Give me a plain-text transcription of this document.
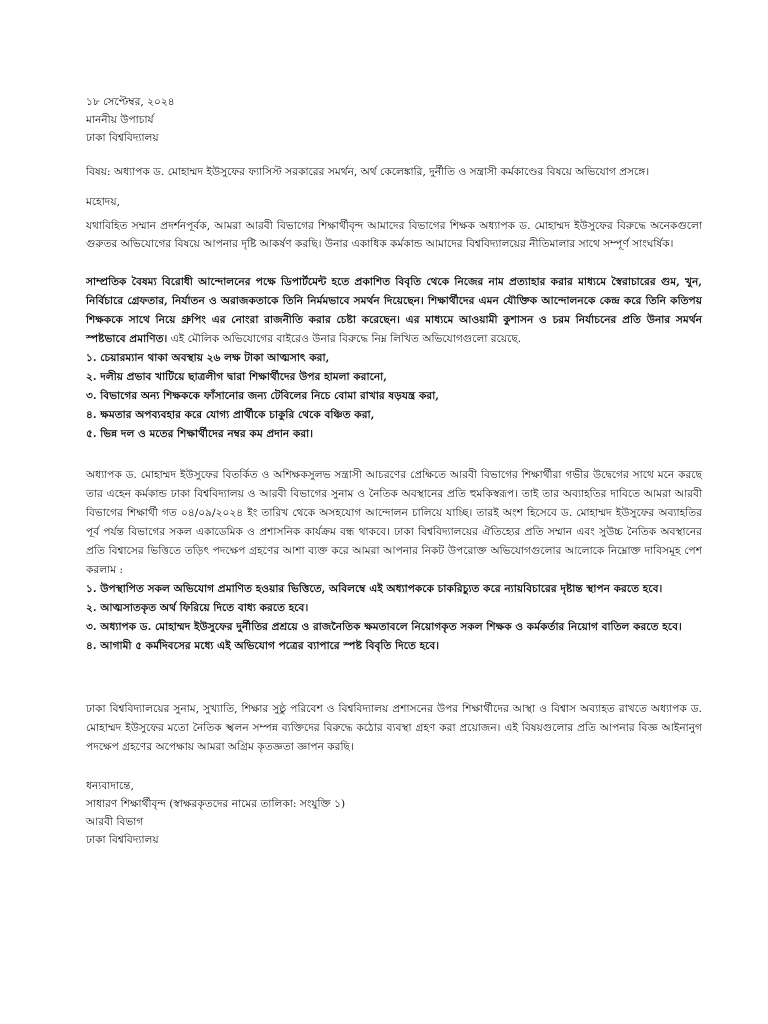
১৮ সেপ্টেম্বর, ২০২৪

মাননীয় উপাচার্য

ঢাকা বিশ্ববিদ্যালয়

বিষয়: অধ্যাপক ড. মোহাম্মদ ইউসুফের ফ্যাসিস্ট সরকারের সমর্থন, অর্থ কেলেঙ্কারি, দুর্নীতি ও সন্ত্রাসী কর্মকাণ্ডের বিষয়ে অভিযোগ প্রসঙ্গে।

মহোদয়,

যথাবিহিত সম্মান প্রদর্শনপূর্বক, আমরা আরবী বিভাগের শিক্ষার্থীবৃন্দ আমাদের বিভাগের শিক্ষক অধ্যাপক ড. মোহাম্মদ ইউসুফের বিরুদ্ধে অনেকগুলো গুরুতর অভিযোগের বিষয়ে আপনার দৃষ্টি আকর্ষণ করছি। উনার একাধিক কর্মকান্ড আমাদের বিশ্ববিদ্যালয়ের নীতিমালার সাথে সম্পূর্ণ সাংঘর্ষিক।

সাম্প্রতিক বৈষম্য বিরোধী আন্দোলনের পক্ষে ডিপার্টমেন্ট হতে প্রকাশিত বিবৃতি থেকে নিজের নাম প্রত্যাহার করার মাধ্যমে স্বৈরাচারের গুম, খুন, নির্বিচারে গ্রেফতার, নির্যাতন ও অরাজকতাকে তিনি নির্মমভাবে সমর্থন দিয়েছেন। শিক্ষার্থীদের এমন যৌক্তিক আন্দোলনকে কেন্দ্র করে তিনি কতিপয় শিক্ষককে সাথে নিয়ে গ্রুপিং এর নোংরা রাজনীতি করার চেষ্টা করেছেন। এর মাধ্যমে আওয়ামী কুশাসন ও চরম নির্যাচনের প্রতি উনার সমর্থন স্পষ্টভাবে প্রমাণিত। এই মৌলিক অভিযোগের বাইরেও উনার বিরুদ্ধে নিম্ন লিখিত অভিযোগগুলো রয়েছে.

১. চেয়ারম্যান থাকা অবস্থায় ২৬ লক্ষ টাকা আত্মসাৎ করা,
২. দলীয় প্রভাব খাটিয়ে ছাত্রলীগ দ্বারা শিক্ষার্থীদের উপর হামলা করানো,
৩. বিভাগের অন্য শিক্ষককে ফাঁসানোর জন্য টেবিলের নিচে বোমা রাখার ষড়যন্ত্র করা,
৪. ক্ষমতার অপব্যবহার করে যোগ্য প্রার্থীকে চাকুরি থেকে বঞ্চিত করা,
৫. ভিন্ন দল ও মতের শিক্ষার্থীদের নম্বর কম প্রদান করা।

অধ্যাপক ড. মোহাম্মদ ইউসুফের বিতর্কিত ও অশিক্ষকসুলভ সন্ত্রাসী আচরণের প্রেক্ষিতে আরবী বিভাগের শিক্ষার্থীরা গভীর উদ্বেগের সাথে মনে করছে তার এহেন কর্মকান্ড ঢাকা বিশ্ববিদ্যালয় ও আরবী বিভাগের সুনাম ও নৈতিক অবস্থানের প্রতি হুমকিস্বরূপ। তাই তার অব্যাহতির দাবিতে আমরা আরবী বিভাগের শিক্ষার্থী গত ০৪/০৯/২০২৪ ইং তারিখ থেকে অসহযোগ আন্দোলন চালিয়ে যাচ্ছি। তারই অংশ হিসেবে ড. মোহাম্মদ ইউসুফের অব্যাহতির পূর্ব পর্যন্ত বিভাগের সকল একাডেমিক ও প্রশাসনিক কার্যক্রম বন্ধ থাকবে। ঢাকা বিশ্ববিদ্যালয়ের ঐতিহ্যের প্রতি সম্মান এবং সুউচ্চ নৈতিক অবস্থানের প্রতি বিশ্বাসের ভিত্তিতে তড়িৎ পদক্ষেপ গ্রহণের আশা ব্যক্ত করে আমরা আপনার নিকট উপরোক্ত অভিযোগগুলোর আলোকে নিম্নোক্ত দাবিসমূহ পেশ করলাম :

১. উপস্থাপিত সকল অভিযোগ প্রমাণিত হওয়ার ভিত্তিতে, অবিলম্বে এই অধ্যাপককে চাকরিচ্যুত করে ন্যায়বিচারের দৃষ্টান্ত স্থাপন করতে হবে।
২. আত্মসাতকৃত অর্থ ফিরিয়ে দিতে বাধ্য করতে হবে।
৩. অধ্যাপক ড. মোহাম্মদ ইউসুফের দুর্নীতির প্রশ্রয়ে ও রাজনৈতিক ক্ষমতাবলে নিয়োগকৃত সকল শিক্ষক ও কর্মকর্তার নিয়োগ বাতিল করতে হবে।
৪. আগামী ৫ কর্মদিবসের মধ্যে এই অভিযোগ পত্রের ব্যাপারে স্পষ্ট বিবৃতি দিতে হবে।

ঢাকা বিশ্ববিদ্যালয়ের সুনাম, সুখ্যাতি, শিক্ষার সুষ্ঠু পরিবেশ ও বিশ্ববিদ্যালয় প্রশাসনের উপর শিক্ষার্থীদের আস্থা ও বিশ্বাস অব্যাহত রাখতে অধ্যাপক ড. মোহাম্মদ ইউসুফের মতো নৈতিক স্খলন সম্পন্ন ব্যক্তিদের বিরুদ্ধে কঠোর ব্যবস্থা গ্রহণ করা প্রয়োজন। এই বিষয়গুলোর প্রতি আপনার বিজ্ঞ আইনানুগ পদক্ষেপ গ্রহণের অপেক্ষায় আমরা অগ্রিম কৃতজ্ঞতা জ্ঞাপন করছি।

ধন্যবাদান্তে,

সাধারণ শিক্ষার্থীবৃন্দ (স্বাক্ষরকৃতদের নামের তালিকা: সংযুক্তি ১)

আরবী বিভাগ

ঢাকা বিশ্ববিদ্যালয়
